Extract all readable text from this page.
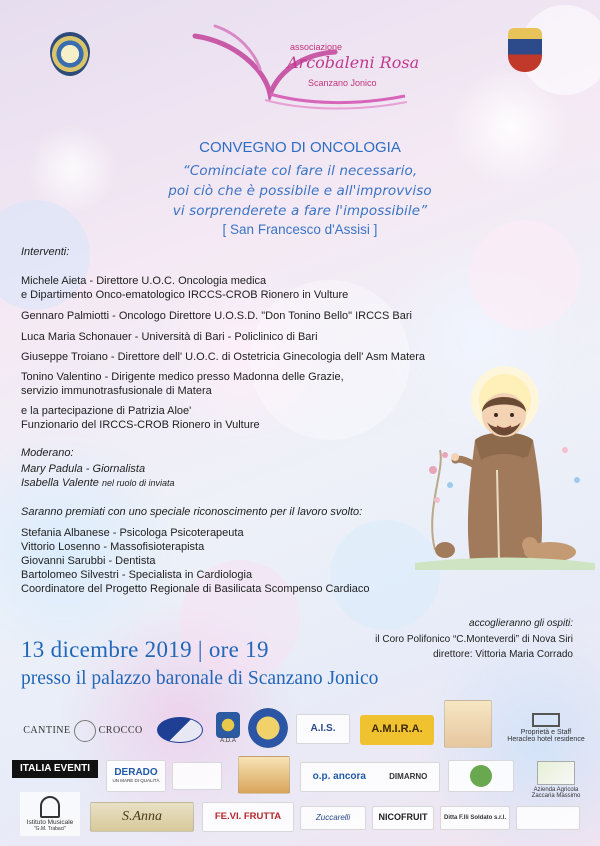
associazione
Arcobaleni Rosa
Scanzano Jonico
CONVEGNO DI ONCOLOGIA
“Cominciate col fare il necessario,
poi ciò che è possibile e all'improvviso
vi sorprenderete a fare l'impossibile”
[ San Francesco d'Assisi ]
Interventi:
Michele Aieta - Direttore U.O.C. Oncologia medica
e Dipartimento Onco-ematologico IRCCS-CROB Rionero in Vulture
Gennaro Palmiotti - Oncologo Direttore U.O.S.D. "Don Tonino Bello" IRCCS Bari
Luca Maria Schonauer - Università di Bari - Policlinico di Bari
Giuseppe Troiano - Direttore dell' U.O.C. di Ostetricia Ginecologia dell' Asm Matera
Tonino Valentino - Dirigente medico presso Madonna delle Grazie,
servizio immunotrasfusionale di Matera
e la partecipazione di Patrizia Aloe'
Funzionario del IRCCS-CROB Rionero in Vulture
Moderano:
Mary Padula - Giornalista
Isabella Valente nel ruolo di inviata
Saranno premiati con uno speciale riconoscimento per il lavoro svolto:
Stefania Albanese - Psicologa Psicoterapeuta
Vittorio Losenno - Massofisioterapista
Giovanni Sarubbi - Dentista
Bartolomeo Silvestri - Specialista in Cardiologia
Coordinatore del Progetto Regionale di Basilicata Scompenso Cardiaco
accoglieranno gli ospiti:
il Coro Polifonico “C.Monteverdi” di Nova Siri
direttore: Vittoria Maria Corrado
13 dicembre 2019 | ore 19
presso il palazzo baronale di Scanzano Jonico
CANTINE	CROCCO
A.D.A
A.I.S.	A.M.I.R.A.	Proprietà e Staff
Heracleo hotel residence
ITALIA EVENTI	DERADO
UN MARE DI QUALITÀ	o.p. ancora	DIMARNO
Azienda Agricola
Zaccaria Massimo
Istituto Musicale
"G.M. Trabaci"
S.Anna	FE.VI. FRUTTA	Zuccarelli	NICOFRUIT	Ditta F.lli Soldato s.r.l.
